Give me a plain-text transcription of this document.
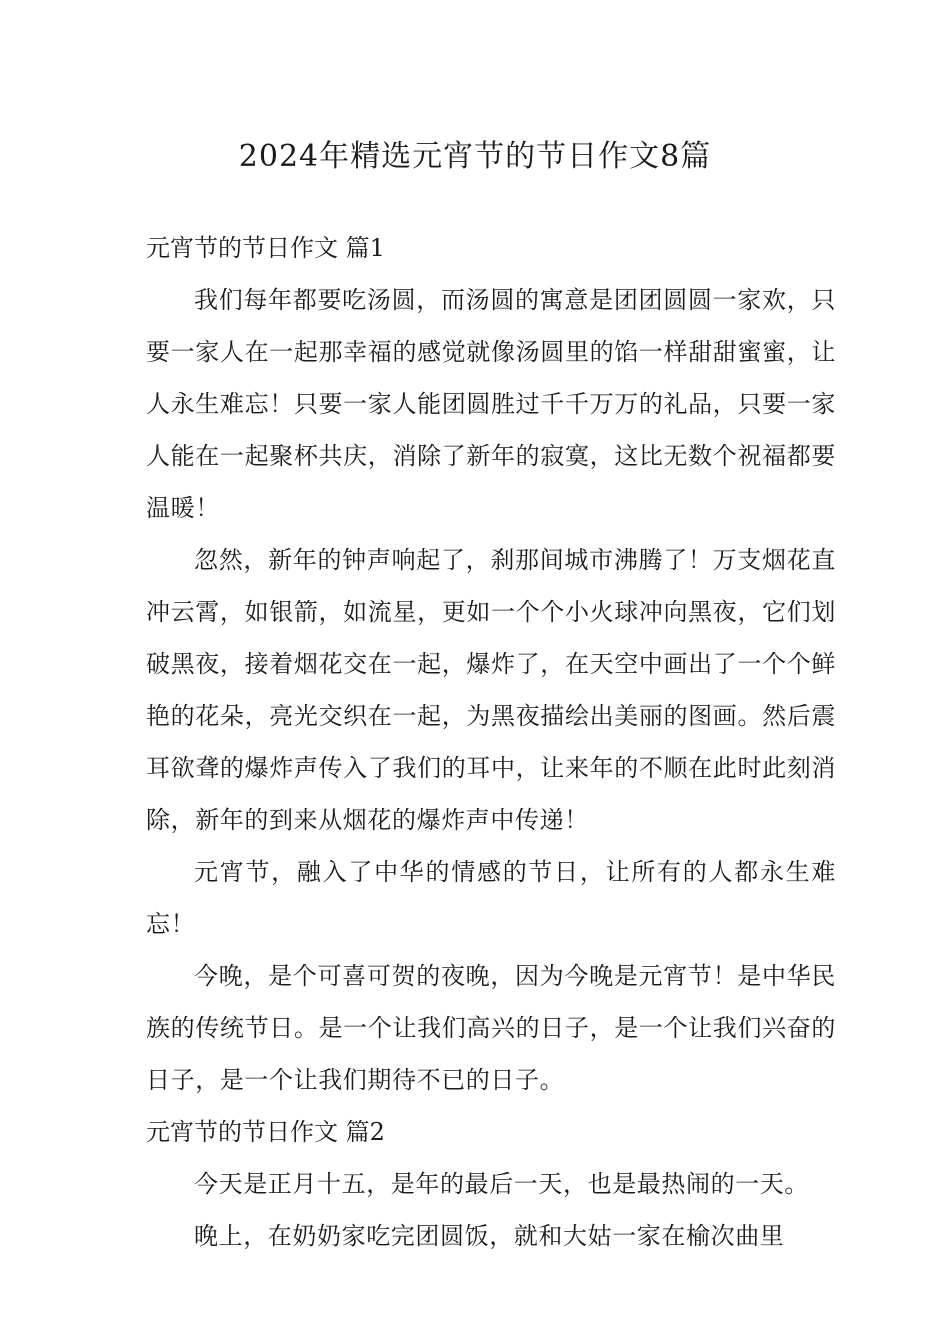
2024年精选元宵节的节日作文8篇
元宵节的节日作文 篇1

我们每年都要吃汤圆，而汤圆的寓意是团团圆圆一家欢，只要一家人在一起那幸福的感觉就像汤圆里的馅一样甜甜蜜蜜，让人永生难忘！只要一家人能团圆胜过千千万万的礼品，只要一家人能在一起聚杯共庆，消除了新年的寂寞，这比无数个祝福都要温暖！

忽然，新年的钟声响起了，刹那间城市沸腾了！万支烟花直冲云霄，如银箭，如流星，更如一个个小火球冲向黑夜，它们划破黑夜，接着烟花交在一起，爆炸了，在天空中画出了一个个鲜艳的花朵，亮光交织在一起，为黑夜描绘出美丽的图画。然后震耳欲聋的爆炸声传入了我们的耳中，让来年的不顺在此时此刻消除，新年的到来从烟花的爆炸声中传递！

元宵节，融入了中华的情感的节日，让所有的人都永生难忘！

今晚，是个可喜可贺的夜晚，因为今晚是元宵节！是中华民族的传统节日。是一个让我们高兴的日子，是一个让我们兴奋的日子，是一个让我们期待不已的日子。

元宵节的节日作文 篇2

今天是正月十五，是年的最后一天，也是最热闹的一天。

晚上，在奶奶家吃完团圆饭，就和大姑一家在榆次曲里
